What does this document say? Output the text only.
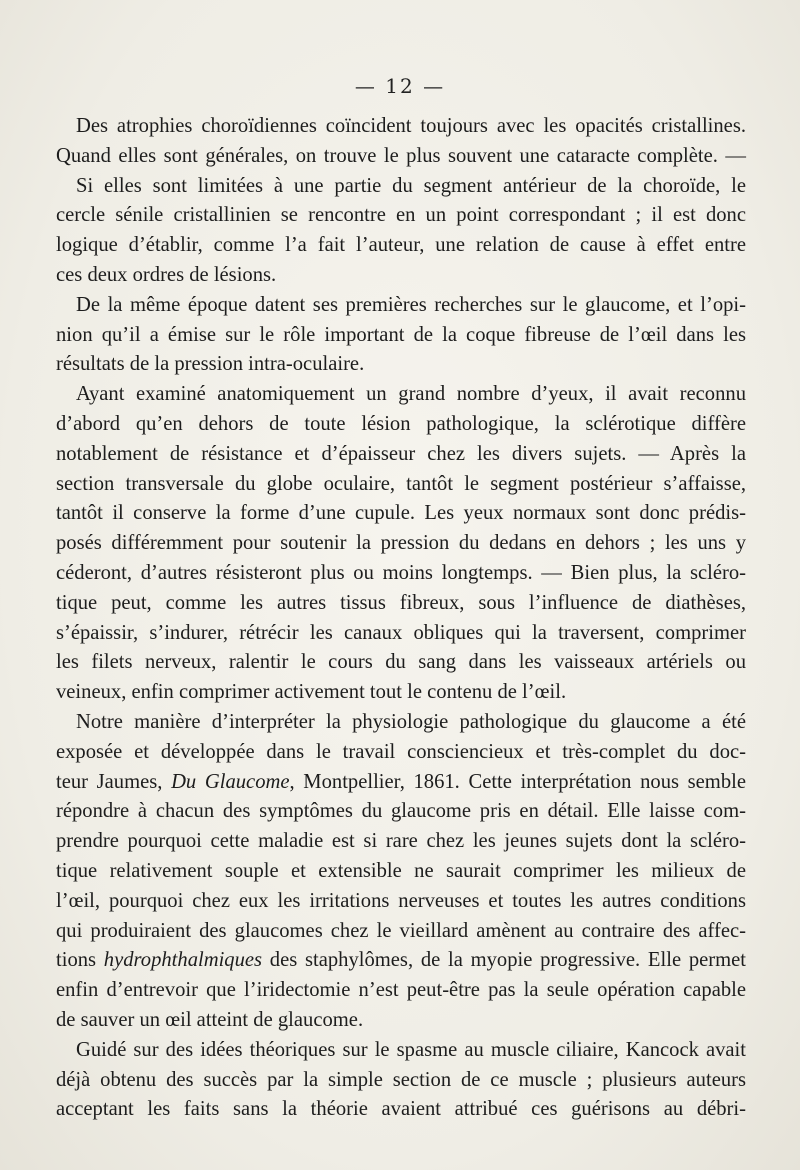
— 12 —
Des atrophies choroïdiennes coïncident toujours avec les opacités cristallines.
Quand elles sont générales, on trouve le plus souvent une cataracte complète. —
Si elles sont limitées à une partie du segment antérieur de la choroïde, le
cercle sénile cristallinien se rencontre en un point correspondant ; il est donc
logique d’établir, comme l’a fait l’auteur, une relation de cause à effet entre
ces deux ordres de lésions.
De la même époque datent ses premières recherches sur le glaucome, et l’opi-
nion qu’il a émise sur le rôle important de la coque fibreuse de l’œil dans les
résultats de la pression intra-oculaire.
Ayant examiné anatomiquement un grand nombre d’yeux, il avait reconnu
d’abord qu’en dehors de toute lésion pathologique, la sclérotique diffère
notablement de résistance et d’épaisseur chez les divers sujets. — Après la
section transversale du globe oculaire, tantôt le segment postérieur s’affaisse,
tantôt il conserve la forme d’une cupule. Les yeux normaux sont donc prédis-
posés différemment pour soutenir la pression du dedans en dehors ; les uns y
céderont, d’autres résisteront plus ou moins longtemps. — Bien plus, la scléro-
tique peut, comme les autres tissus fibreux, sous l’influence de diathèses,
s’épaissir, s’indurer, rétrécir les canaux obliques qui la traversent, comprimer
les filets nerveux, ralentir le cours du sang dans les vaisseaux artériels ou
veineux, enfin comprimer activement tout le contenu de l’œil.
Notre manière d’interpréter la physiologie pathologique du glaucome a été
exposée et développée dans le travail consciencieux et très-complet du doc-
teur Jaumes, Du Glaucome, Montpellier, 1861. Cette interprétation nous semble
répondre à chacun des symptômes du glaucome pris en détail. Elle laisse com-
prendre pourquoi cette maladie est si rare chez les jeunes sujets dont la scléro-
tique relativement souple et extensible ne saurait comprimer les milieux de
l’œil, pourquoi chez eux les irritations nerveuses et toutes les autres conditions
qui produiraient des glaucomes chez le vieillard amènent au contraire des affec-
tions hydrophthalmiques des staphylômes, de la myopie progressive. Elle permet
enfin d’entrevoir que l’iridectomie n’est peut-être pas la seule opération capable
de sauver un œil atteint de glaucome.
Guidé sur des idées théoriques sur le spasme au muscle ciliaire, Kancock avait
déjà obtenu des succès par la simple section de ce muscle ; plusieurs auteurs
acceptant les faits sans la théorie avaient attribué ces guérisons au débri-
